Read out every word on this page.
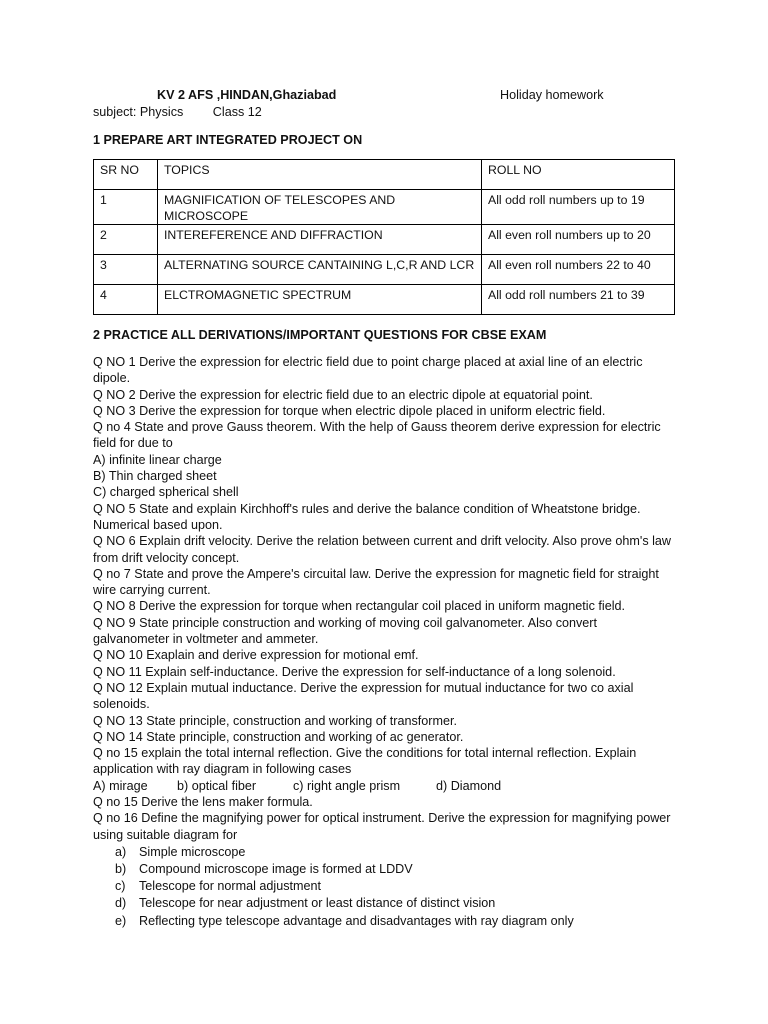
KV 2 AFS ,HINDAN,Ghaziabad	Holiday homework
subject: Physics Class 12
1 PREPARE ART INTEGRATED PROJECT ON
SR NO	TOPICS	ROLL NO
1	MAGNIFICATION OF TELESCOPES AND MICROSCOPE	All odd roll numbers up to 19
2	INTEREFERENCE AND DIFFRACTION	All even roll numbers up to 20
3	ALTERNATING SOURCE CANTAINING L,C,R AND LCR	All even roll numbers 22 to 40
4	ELCTROMAGNETIC SPECTRUM	All odd roll numbers 21 to 39
2 PRACTICE ALL DERIVATIONS/IMPORTANT QUESTIONS FOR CBSE EXAM

Q NO 1 Derive the expression for electric field due to point charge placed at axial line of an electric dipole.

Q NO 2 Derive the expression for electric field due to an electric dipole at equatorial point.

Q NO 3 Derive the expression for torque when electric dipole placed in uniform electric field.

Q no 4 State and prove Gauss theorem. With the help of Gauss theorem derive expression for electric field for due to

A) infinite linear charge

B) Thin charged sheet

C) charged spherical shell

Q NO 5 State and explain Kirchhoff's rules and derive the balance condition of Wheatstone bridge. Numerical based upon.

Q NO 6 Explain drift velocity. Derive the relation between current and drift velocity. Also prove ohm's law from drift velocity concept.

Q no 7 State and prove the Ampere's circuital law. Derive the expression for magnetic field for straight wire carrying current.

Q NO 8 Derive the expression for torque when rectangular coil placed in uniform magnetic field.

Q NO 9 State principle construction and working of moving coil galvanometer. Also convert galvanometer in voltmeter and ammeter.

Q NO 10 Exaplain and derive expression for motional emf.

Q NO 11 Explain self-inductance. Derive the expression for self-inductance of a long solenoid.

Q NO 12 Explain mutual inductance. Derive the expression for mutual inductance for two co axial solenoids.

Q NO 13 State principle, construction and working of transformer.

Q NO 14 State principle, construction and working of ac generator.

Q no 15 explain the total internal reflection. Give the conditions for total internal reflection. Explain application with ray diagram in following cases

A) mirage b) optical fiber	c) right angle prism	d) Diamond

Q no 15 Derive the lens maker formula.

Q no 16 Define the magnifying power for optical instrument. Derive the expression for magnifying power using suitable diagram for

a) Simple microscope
b) Compound microscope image is formed at LDDV
c) Telescope for normal adjustment
d) Telescope for near adjustment or least distance of distinct vision
e) Reflecting type telescope advantage and disadvantages with ray diagram only
